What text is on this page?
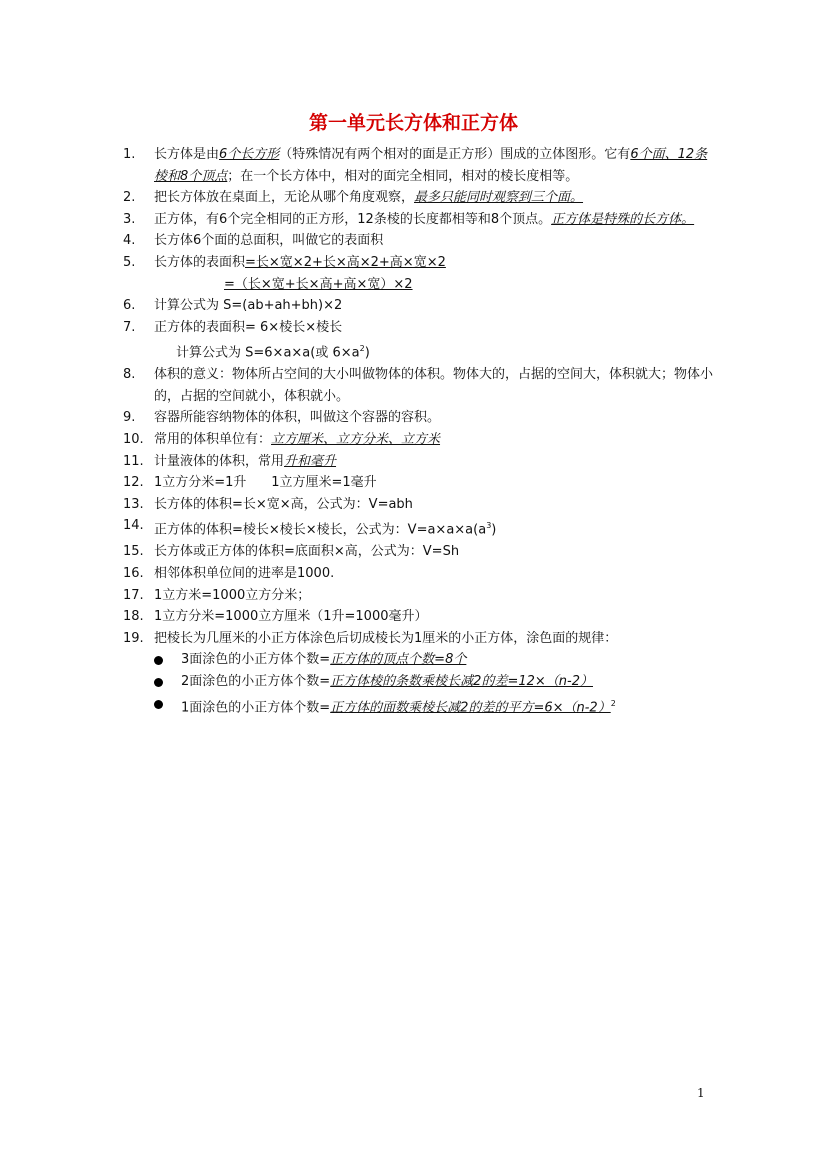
第一单元长方体和正方体
1. 长方体是由6个长方形（特殊情况有两个相对的面是正方形）围成的立体图形。它有6个面、12条棱和8个顶点；在一个长方体中，相对的面完全相同，相对的棱长度相等。
2. 把长方体放在桌面上，无论从哪个角度观察，最多只能同时观察到三个面。
3. 正方体，有6个完全相同的正方形，12条棱的长度都相等和8个顶点。正方体是特殊的长方体。
4. 长方体6个面的总面积，叫做它的表面积
5. 长方体的表面积=长×宽×2+长×高×2+高×宽×2
=（长×宽+长×高+高×宽）×2
6. 计算公式为 S=(ab+ah+bh)×2
7. 正方体的表面积= 6×棱长×棱长
计算公式为 S=6×a×a(或 $6\times a^2$)
8. 体积的意义：物体所占空间的大小叫做物体的体积。物体大的，占据的空间大，体积就大；物体小的，占据的空间就小，体积就小。
9. 容器所能容纳物体的体积，叫做这个容器的容积。
10. 常用的体积单位有：立方厘米、立方分米、立方米
11. 计量液体的体积，常用升和毫升
12. 1立方分米=1升 1立方厘米=1毫升
13. 长方体的体积=长×宽×高，公式为：V=abh
14. 正方体的体积=棱长×棱长×棱长，公式为：$V=a\times a\times a(a^3)$
15. 长方体或正方体的体积=底面积×高，公式为：V=Sh
16. 相邻体积单位间的进率是1000.
17. 1立方米=1000立方分米；
18. 1立方分米=1000立方厘米（1升=1000毫升）
19. 把棱长为几厘米的小正方体涂色后切成棱长为1厘米的小正方体，涂色面的规律：
3面涂色的小正方体个数=正方体的顶点个数=8个
2面涂色的小正方体个数=正方体棱的条数乘棱长减2的差=12×（n-2）
1面涂色的小正方体个数=正方体的面数乘棱长减2的差的平方$=6\times(n-2)^2$
1
